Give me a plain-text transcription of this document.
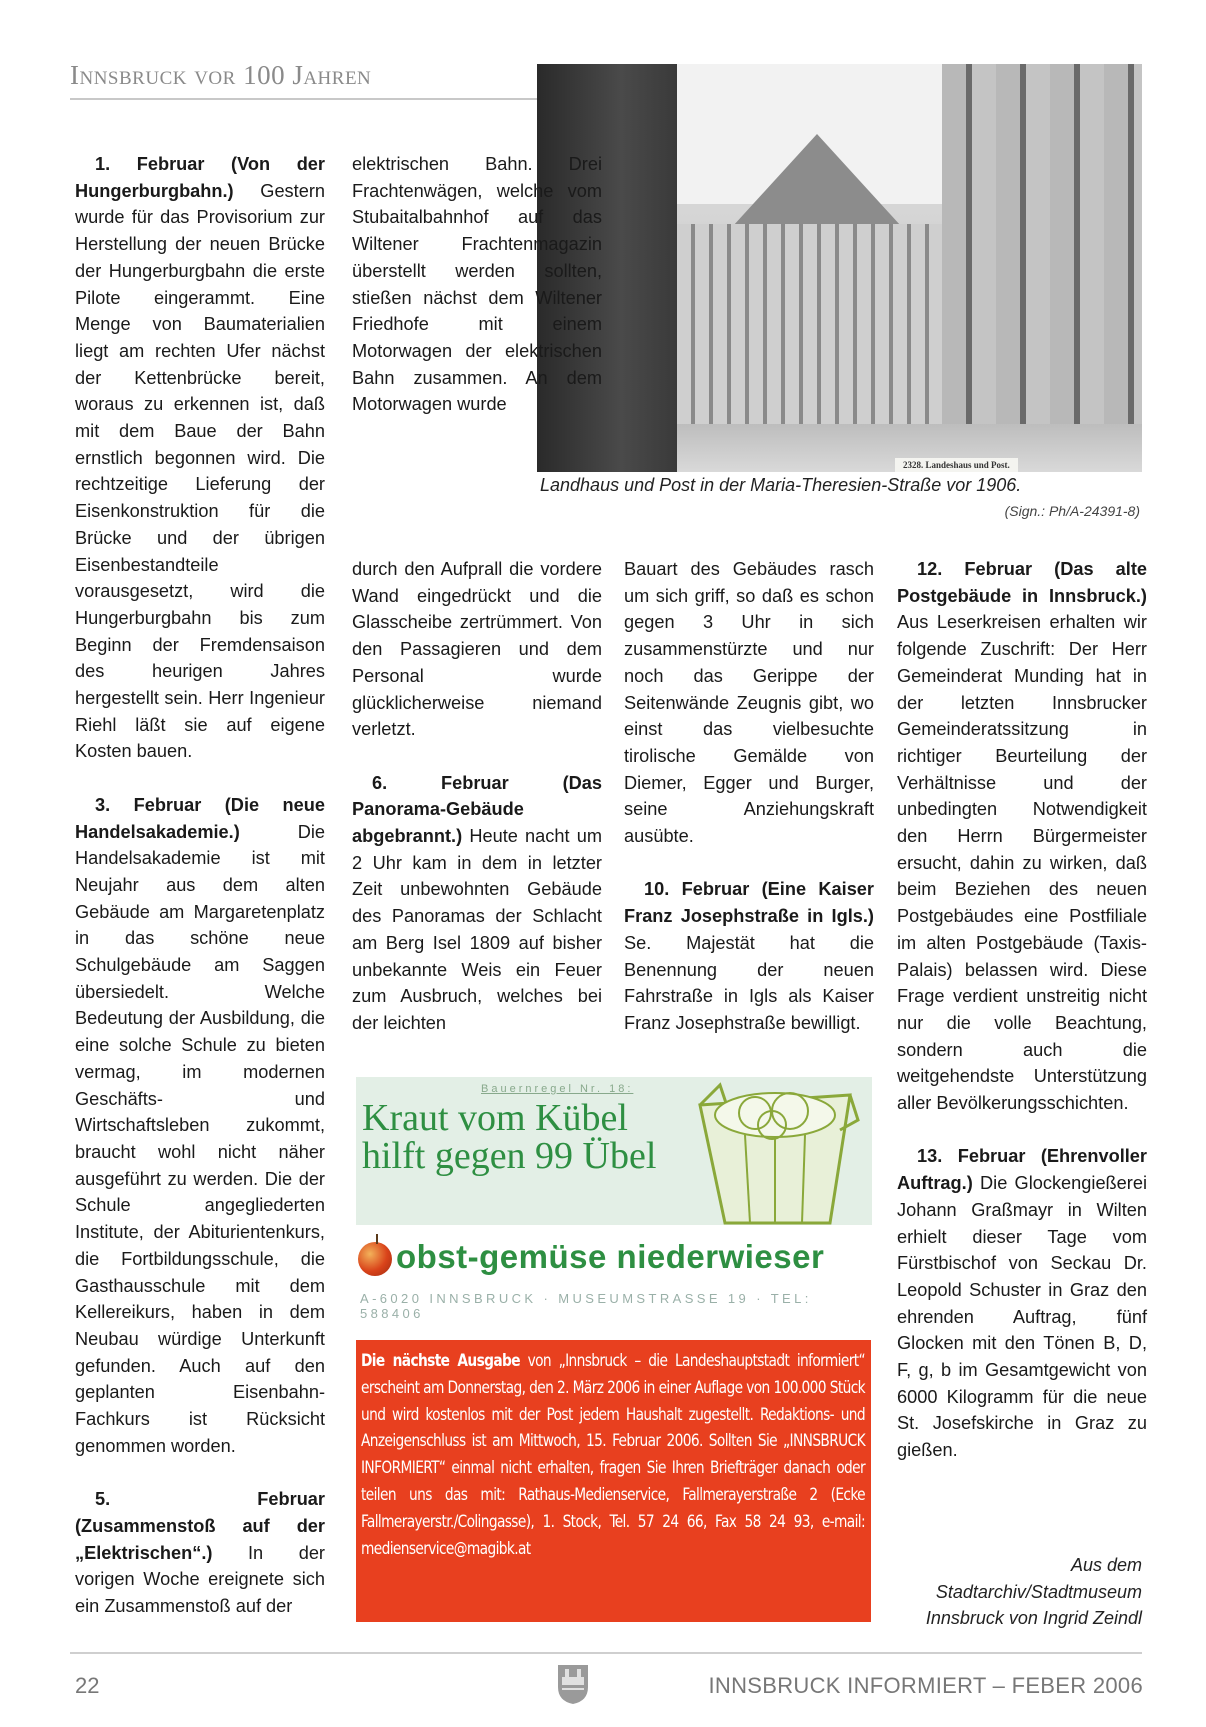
Innsbruck vor 100 Jahren
2328. Landeshaus und Post.
Landhaus und Post in der Maria-Theresien-Straße vor 1906.
(Sign.: Ph/A-24391-8)

1. Februar (Von der Hungerburgbahn.) Gestern wurde für das Provisorium zur Herstellung der neuen Brücke der Hungerburgbahn die erste Pilote eingerammt. Eine Menge von Baumaterialien liegt am rechten Ufer nächst der Kettenbrücke bereit, woraus zu erkennen ist, daß mit dem Baue der Bahn ernstlich begonnen wird. Die rechtzeitige Lieferung der Eisenkonstruktion für die Brücke und der übrigen Eisenbestandteile vorausgesetzt, wird die Hungerburgbahn bis zum Beginn der Fremdensaison des heurigen Jahres hergestellt sein. Herr Ingenieur Riehl läßt sie auf eigene Kosten bauen.

3. Februar (Die neue Handelsakademie.)	Die Handelsakademie ist mit Neujahr aus dem alten Gebäude am Margaretenplatz in das schöne neue Schulgebäude am Saggen übersiedelt. Welche Bedeutung der Ausbildung, die eine solche Schule zu bieten vermag, im modernen Geschäfts- und Wirtschaftsleben zukommt, braucht wohl nicht näher ausgeführt zu werden. Die der Schule angegliederten Institute, der Abiturientenkurs, die Fortbildungsschule, die Gasthausschule mit dem Kellereikurs, haben in dem Neubau würdige Unterkunft gefunden. Auch auf den geplanten Eisenbahn-Fachkurs ist Rücksicht genommen worden.

5. Februar (Zusammenstoß auf der „Elektrischen“.) In der vorigen Woche ereignete sich ein Zusammenstoß auf der

elektrischen Bahn. Drei Frachtenwägen, welche vom Stubaitalbahnhof auf das Wiltener Frachtenmagazin überstellt werden sollten, stießen nächst dem Wiltener Friedhofe mit einem Motorwagen der elektrischen Bahn zusammen. An dem Motorwagen wurde

durch den Aufprall die vordere Wand eingedrückt und die Glasscheibe zertrümmert. Von den Passagieren und dem Personal wurde glücklicherweise niemand verletzt.

6. Februar (Das Panorama-Gebäude abgebrannt.) Heute nacht um 2 Uhr kam in dem in letzter Zeit unbewohnten Gebäude des Panoramas der Schlacht am Berg Isel 1809 auf bisher unbekannte Weis ein Feuer zum Ausbruch, welches bei der leichten

Bauart des Gebäudes rasch um sich griff, so daß es schon gegen 3 Uhr in sich zusammenstürzte und nur noch das Gerippe der Seitenwände Zeugnis gibt, wo einst das vielbesuchte tirolische Gemälde von Diemer, Egger und Burger, seine Anziehungskraft ausübte.

10. Februar (Eine Kaiser Franz Josephstraße in Igls.) Se. Majestät hat die Benennung der neuen Fahrstraße in Igls als Kaiser Franz Josephstraße bewilligt.

12. Februar (Das alte Postgebäude in Innsbruck.) Aus Leserkreisen erhalten wir folgende Zuschrift: Der Herr Gemeinderat Munding hat in der letzten Innsbrucker Gemeinderatssitzung in richtiger Beurteilung der Verhältnisse und der unbedingten Notwendigkeit den Herrn Bürgermeister ersucht, dahin zu wirken, daß beim Beziehen des neuen Postgebäudes eine Postfiliale im alten Postgebäude (Taxis-Palais) belassen wird. Diese Frage verdient unstreitig nicht nur die volle Beachtung, sondern auch die weitgehendste Unterstützung aller Bevölkerungsschichten.

13. Februar (Ehrenvoller Auftrag.) Die Glockengießerei Johann Graßmayr in Wilten erhielt dieser Tage vom Fürstbischof von Seckau Dr. Leopold Schuster in Graz den ehrenden Auftrag, fünf Glocken mit den Tönen B, D, F, g, b im Gesamtgewicht von 6000 Kilogramm für die neue St. Josefskirche in Graz zu gießen.

Aus dem
Stadtarchiv/Stadtmuseum
Innsbruck von Ingrid Zeindl
Bauernregel Nr. 18:
Kraut vom Kübel
hilft gegen 99 Übel
obst-gemüse niederwieser
A-6020 INNSBRUCK · MUSEUMSTRASSE 19 · TEL: 588406
Die nächste Ausgabe von „Innsbruck – die Landeshauptstadt informiert“ erscheint am Donnerstag, den 2. März 2006 in einer Auflage von 100.000 Stück und wird kostenlos mit der Post jedem Haushalt zugestellt. Redaktions- und Anzeigenschluss ist am Mittwoch, 15. Februar 2006. Sollten Sie „INNSBRUCK INFORMIERT“ einmal nicht erhalten, fragen Sie Ihren Briefträger danach oder teilen uns das mit: Rathaus-Medienservice, Fallmerayerstraße 2 (Ecke Fallmerayerstr./Colingasse), 1. Stock, Tel. 57 24 66, Fax 58 24 93, e-mail: medienservice@magibk.at
22	INNSBRUCK INFORMIERT – FEBER 2006
